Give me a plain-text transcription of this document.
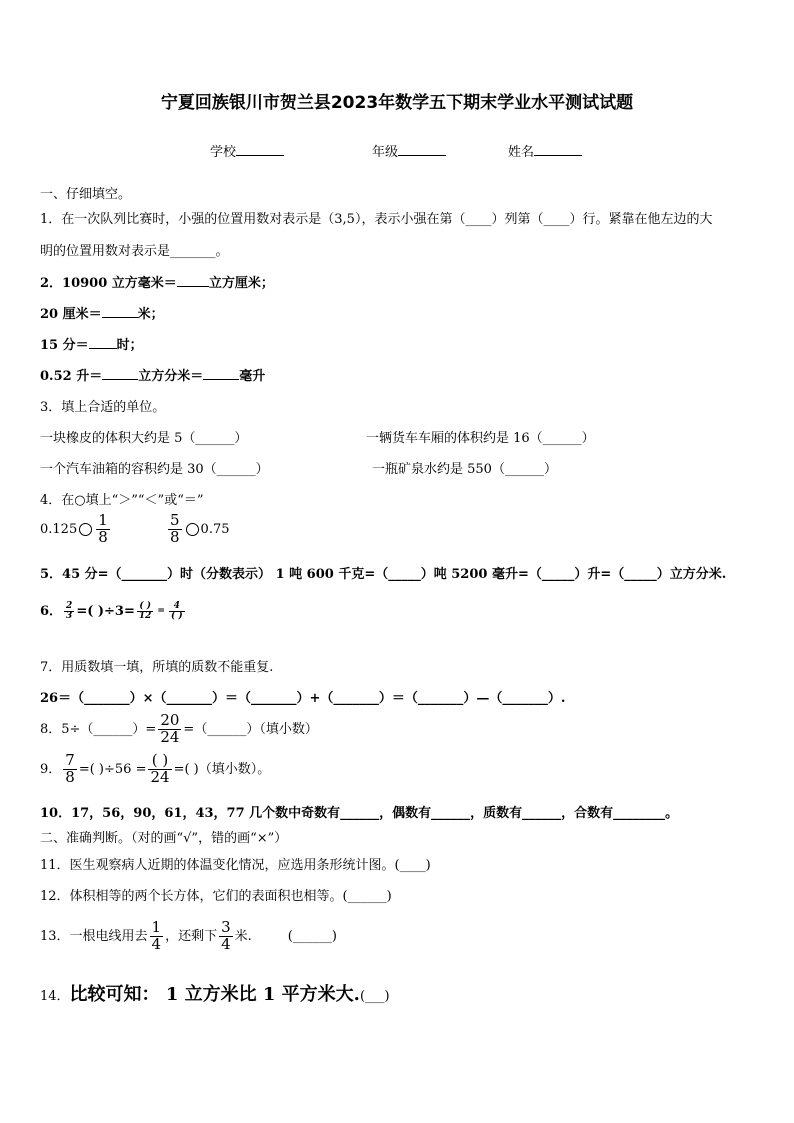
宁夏回族银川市贺兰县2023年数学五下期末学业水平测试试题
学校	年级	姓名
一、仔细填空。
1．在一次队列比赛时，小强的位置用数对表示是（3,5），表示小强在第（____）列第（____）行。紧靠在他左边的大
明的位置用数对表示是_______。
2．10900 立方毫米＝ 立方厘米；
20 厘米＝	米；
15 分＝ 时；
0.52 升＝	立方分米＝	毫升
3．填上合适的单位。
一块橡皮的体积大约是 5（______）	一辆货车车厢的体积约是 16（______）
一个汽车油箱的容积约是 30（______）	一瓶矿泉水约是 550（______）
4．在○填上“＞”“＜”或“＝”
$0.125 \frac{1}{8}$	$\frac{5}{8} 0.75$
5．45 分=（_______）时（分数表示） 1 吨 600 千克=（_____）吨 5200 毫升=（_____）升=（_____）立方分米.
6． $\frac{2}{3}$ =( )$\div 3= \frac{( )}{12} = \frac{4}{( )}$
7．用质数填一填，所填的质数不能重复.
26＝（_______）×（_______）＝（_______）+（_______）＝（_______）—（_______）.
8．5÷（______）= $\frac{20}{24}$ =（______）（填小数）
9． $\frac{7}{8}$ =( )$\div 56 = \frac{( )}{24}$ =( )（填小数）。
10．17，56，90，61，43，77 几个数中奇数有______，偶数有______，质数有______，合数有________。
二、准确判断。（对的画“√”，错的画“×”）
11．医生观察病人近期的体温变化情况，应选用条形统计图。(____)
12．体积相等的两个长方体，它们的表面积也相等。(______)
13．一根电线用去 $\frac{1}{4}$ ，还剩下 $\frac{3}{4}$ 米.	(______)
14．比较可知： 1 立方米比 1 平方米大.(___)
